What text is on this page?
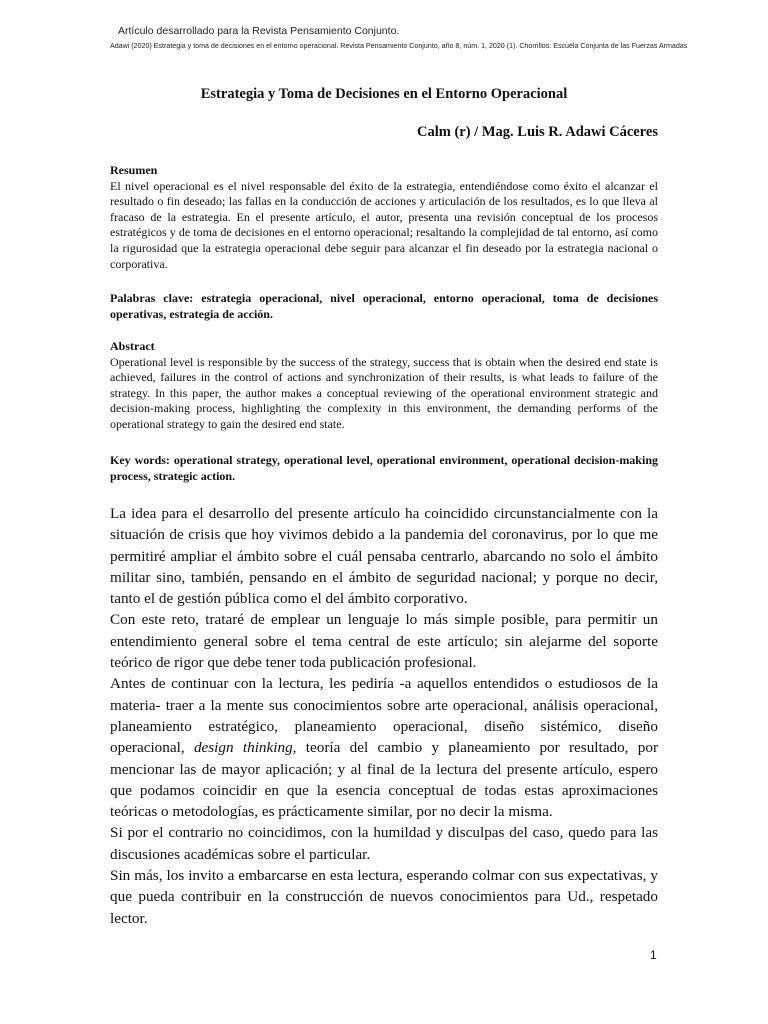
Artículo desarrollado para la Revista Pensamiento Conjunto.
Adawi (2020) Estrategia y toma de decisiones en el entorno operacional. Revista Pensamiento Conjunto, año 8, núm. 1, 2020 (1). Chorrillos: Escuela Conjunta de las Fuerzas Armadas
Estrategia y Toma de Decisiones en el Entorno Operacional
Calm (r) / Mag. Luis R. Adawi Cáceres

Resumen

El nivel operacional es el nivel responsable del éxito de la estrategia, entendiéndose como éxito el alcanzar el resultado o fin deseado; las fallas en la conducción de acciones y articulación de los resultados, es lo que lleva al fracaso de la estrategia. En el presente artículo, el autor, presenta una revisión conceptual de los procesos estratégicos y de toma de decisiones en el entorno operacional; resaltando la complejidad de tal entorno, así como la rigurosidad que la estrategia operacional debe seguir para alcanzar el fin deseado por la estrategia nacional o corporativa.

Palabras clave: estrategia operacional, nivel operacional, entorno operacional, toma de decisiones operativas, estrategia de acción.

Abstract

Operational level is responsible by the success of the strategy, success that is obtain when the desired end state is achieved, failures in the control of actions and synchronization of their results, is what leads to failure of the strategy. In this paper, the author makes a conceptual reviewing of the operational environment strategic and decision-making process, highlighting the complexity in this environment, the demanding performs of the operational strategy to gain the desired end state.

Key words: operational strategy, operational level, operational environment, operational decision-making process, strategic action.

La idea para el desarrollo del presente artículo ha coincidido circunstancialmente con la situación de crisis que hoy vivimos debido a la pandemia del coronavirus, por lo que me permitiré ampliar el ámbito sobre el cuál pensaba centrarlo, abarcando no solo el ámbito militar sino, también, pensando en el ámbito de seguridad nacional; y porque no decir, tanto el de gestión pública como el del ámbito corporativo.

Con este reto, trataré de emplear un lenguaje lo más simple posible, para permitir un entendimiento general sobre el tema central de este artículo; sin alejarme del soporte teórico de rigor que debe tener toda publicación profesional.

Antes de continuar con la lectura, les pediría -a aquellos entendidos o estudiosos de la materia- traer a la mente sus conocimientos sobre arte operacional, análisis operacional, planeamiento estratégico, planeamiento operacional, diseño sistémico, diseño operacional, design thinking, teoría del cambio y planeamiento por resultado, por mencionar las de mayor aplicación; y al final de la lectura del presente artículo, espero que podamos coincidir en que la esencia conceptual de todas estas aproximaciones teóricas o metodologías, es prácticamente similar, por no decir la misma.

Si por el contrario no coincidimos, con la humildad y disculpas del caso, quedo para las discusiones académicas sobre el particular.

Sin más, los invito a embarcarse en esta lectura, esperando colmar con sus expectativas, y que pueda contribuir en la construcción de nuevos conocimientos para Ud., respetado lector.

1
